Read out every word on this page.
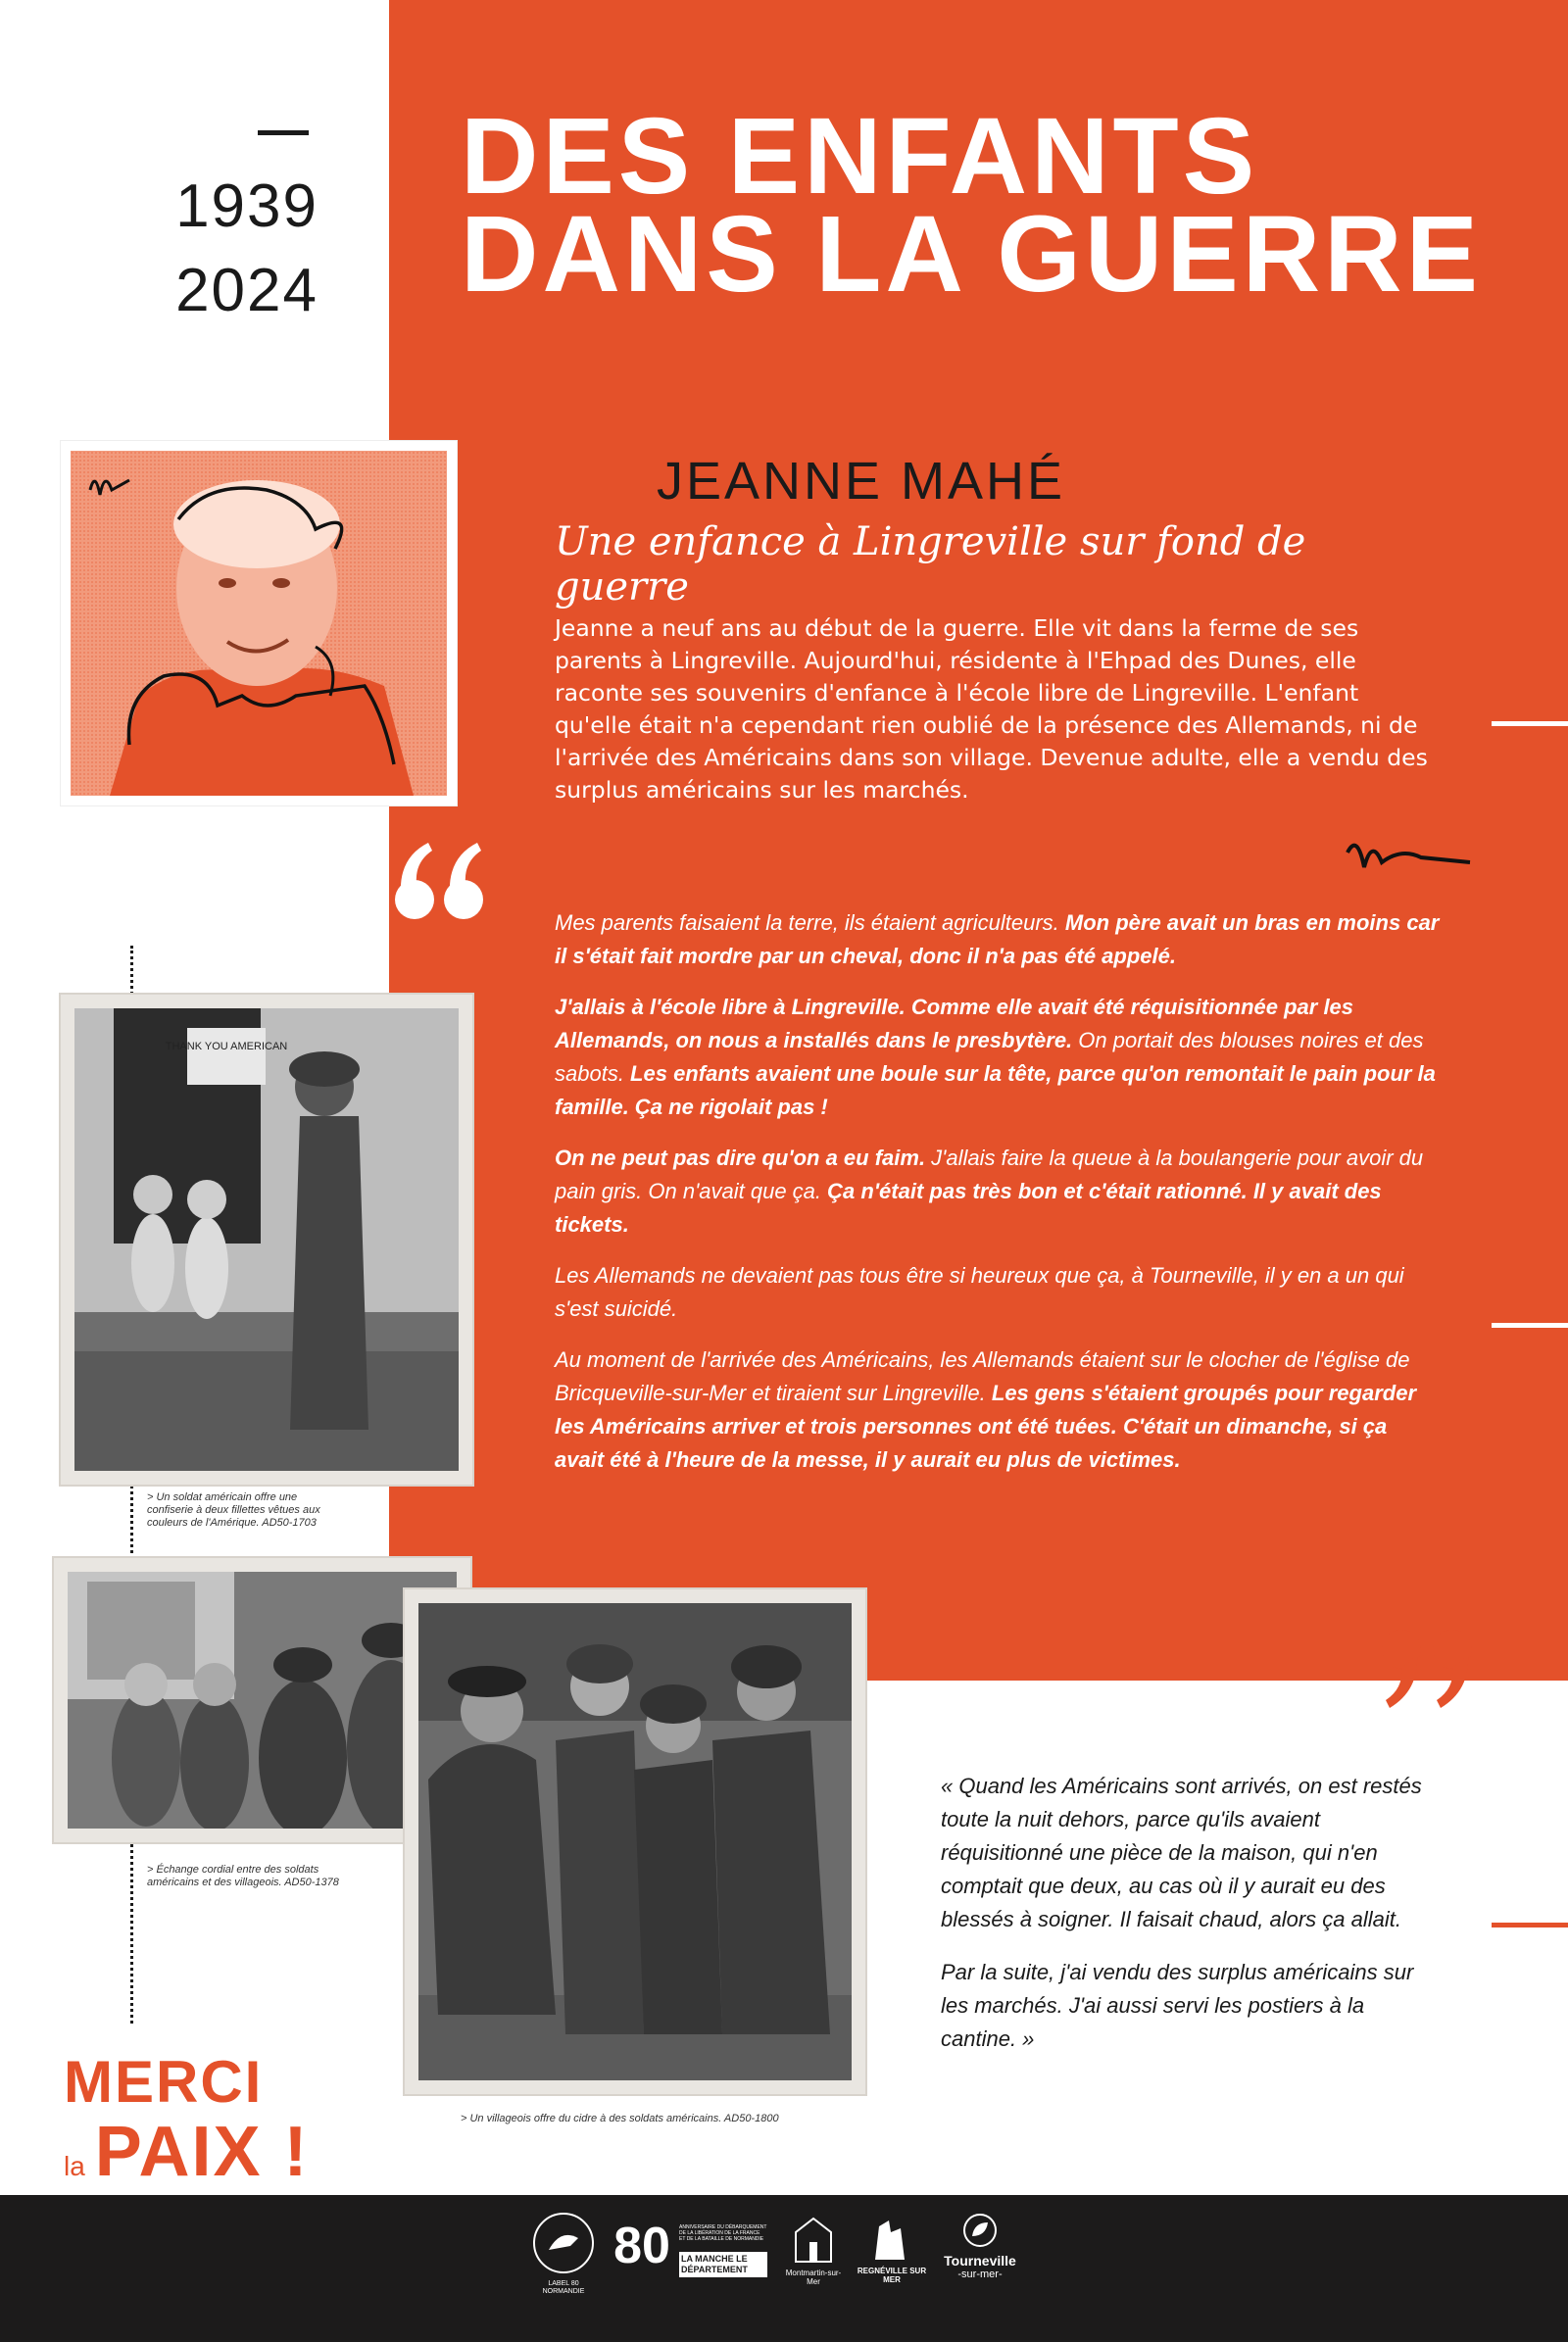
1939
2024
DES ENFANTS
DANS LA GUERRE
JEANNE MAHÉ
Une enfance à Lingreville sur fond de guerre

Jeanne a neuf ans au début de la guerre. Elle vit dans la ferme de ses parents à Lingreville. Aujourd'hui, résidente à l'Ehpad des Dunes, elle raconte ses souvenirs d'enfance à l'école libre de Lingreville. L'enfant qu'elle était n'a cependant rien oublié de la présence des Allemands, ni de l'arrivée des Américains dans son village. Devenue adulte, elle a vendu des surplus américains sur les marchés.

Mes parents faisaient la terre, ils étaient agriculteurs. Mon père avait un bras en moins car il s'était fait mordre par un cheval, donc il n'a pas été appelé.

J'allais à l'école libre à Lingreville. Comme elle avait été réquisitionnée par les Allemands, on nous a installés dans le presbytère. On portait des blouses noires et des sabots. Les enfants avaient une boule sur la tête, parce qu'on remontait le pain pour la famille. Ça ne rigolait pas !

On ne peut pas dire qu'on a eu faim. J'allais faire la queue à la boulangerie pour avoir du pain gris. On n'avait que ça. Ça n'était pas très bon et c'était rationné. Il y avait des tickets.

Les Allemands ne devaient pas tous être si heureux que ça, à Tourneville, il y en a un qui s'est suicidé.

Au moment de l'arrivée des Américains, les Allemands étaient sur le clocher de l'église de Bricqueville-sur-Mer et tiraient sur Lingreville. Les gens s'étaient groupés pour regarder les Américains arriver et trois personnes ont été tuées. C'était un dimanche, si ça avait été à l'heure de la messe, il y aurait eu plus de victimes.

THANK YOU AMERICAN
> Un soldat américain offre une confiserie à deux fillettes vêtues aux couleurs de l'Amérique. AD50-1703
> Échange cordial entre des soldats américains et des villageois. AD50-1378
> Un villageois offre du cidre à des soldats américains. AD50-1800

« Quand les Américains sont arrivés, on est restés toute la nuit dehors, parce qu'ils avaient réquisitionné une pièce de la maison, qui n'en comptait que deux, au cas où il y aurait eu des blessés à soigner. Il faisait chaud, alors ça allait.

Par la suite, j'ai vendu des surplus américains sur les marchés. J'ai aussi servi les postiers à la cantine. »

MERCI
la PAIX !
LABEL 80 NORMANDIE
80 ANNIVERSAIRE DU DÉBARQUEMENT DE LA LIBÉRATION DE LA FRANCE ET DE LA BATAILLE DE NORMANDIE
LA MANCHE LE DÉPARTEMENT	Montmartin-sur-Mer
REGNÉVILLE SUR MER
Tourneville
-sur-mer-
